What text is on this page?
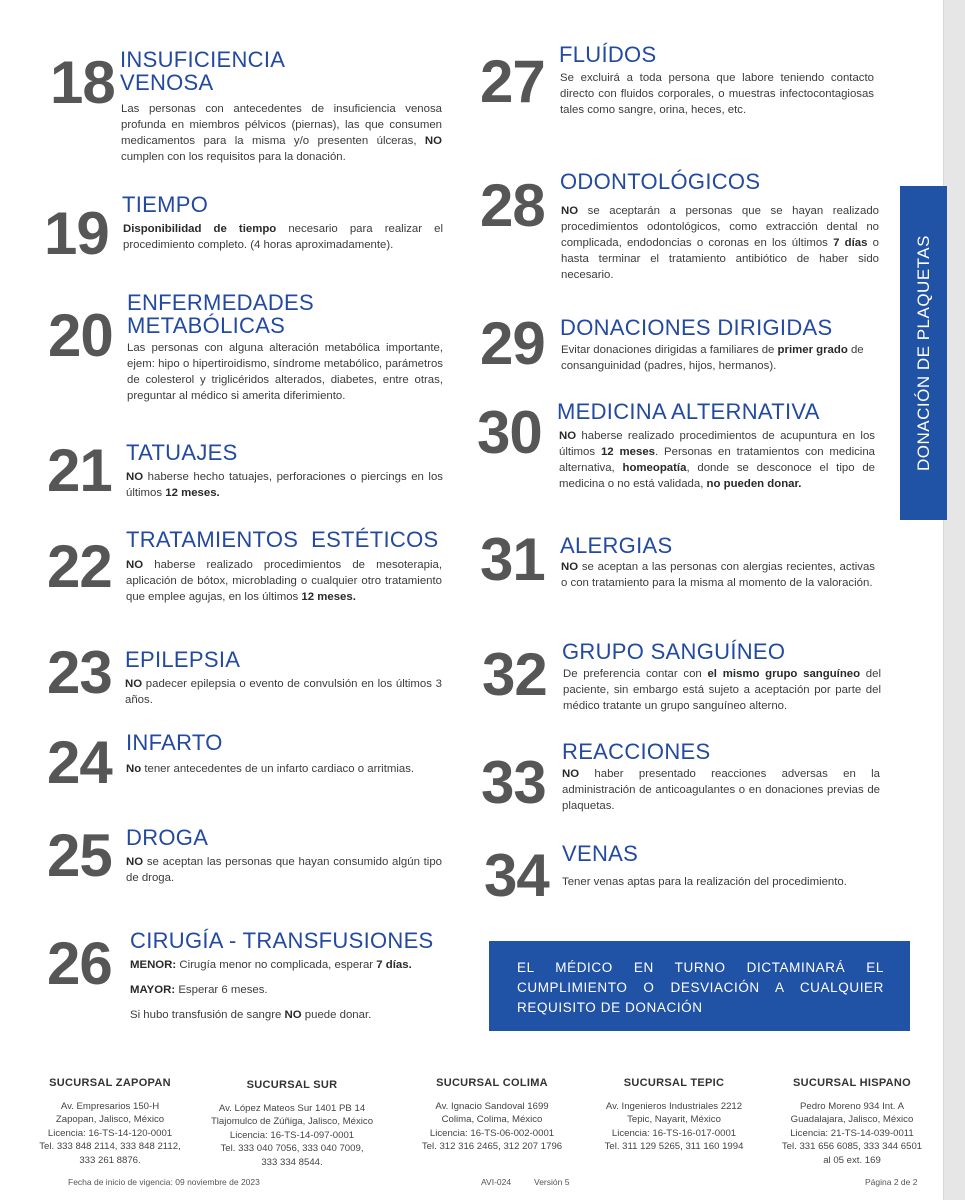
18 INSUFICIENCIA
VENOSA
Las personas con antecedentes de insuficiencia venosa profunda en miembros pélvicos (piernas), las que consumen medicamentos para la misma y/o presenten úlceras, NO cumplen con los requisitos para la donación.
19 TIEMPO
Disponibilidad de tiempo necesario para realizar el procedimiento completo. (4 horas aproximadamente).
20 ENFERMEDADES
METABÓLICAS
Las personas con alguna alteración metabólica importante, ejem: hipo o hipertiroidismo, síndrome metabólico, parámetros de colesterol y triglicéridos alterados, diabetes, entre otras, preguntar al médico si amerita diferimiento.
21 TATUAJES
NO haberse hecho tatuajes, perforaciones o piercings en los últimos 12 meses.
22 TRATAMIENTOS  ESTÉTICOS
NO haberse realizado procedimientos de mesoterapia, aplicación de bótox, microblading o cualquier otro tratamiento que emplee agujas, en los últimos 12 meses.
23 EPILEPSIA
NO padecer epilepsia o evento de convulsión en los últimos 3 años.
24 INFARTO
No tener antecedentes de un infarto cardiaco o arritmias.
25 DROGA
NO se aceptan las personas que hayan consumido algún tipo de droga.
26 CIRUGÍA - TRANSFUSIONES
MENOR: Cirugía menor no complicada, esperar 7 días.

MAYOR: Esperar 6 meses.

Si hubo transfusión de sangre NO puede donar.
27 FLUÍDOS
Se excluirá a toda persona que labore teniendo contacto directo con fluidos corporales, o muestras infectocontagiosas tales como sangre, orina, heces, etc.
28 ODONTOLÓGICOS
NO se aceptarán a personas que se hayan realizado procedimientos odontológicos, como extracción dental no complicada, endodoncias o coronas en los últimos 7 días o hasta terminar el tratamiento antibiótico de haber sido necesario.
29 DONACIONES DIRIGIDAS
Evitar donaciones dirigidas a familiares de primer grado de consanguinidad (padres, hijos, hermanos).
30 MEDICINA ALTERNATIVA
NO haberse realizado procedimientos de acupuntura en los últimos 12 meses. Personas en tratamientos con medicina alternativa, homeopatía, donde se desconoce el tipo de medicina o no está validada, no pueden donar.
31 ALERGIAS
NO se aceptan a las personas con alergias recientes, activas o con tratamiento para la misma al momento de la valoración.
32 GRUPO SANGUÍNEO
De preferencia contar con el mismo grupo sanguíneo del paciente, sin embargo está sujeto a aceptación por parte del médico tratante un grupo sanguíneo alterno.
33 REACCIONES
NO haber presentado reacciones adversas en la administración de anticoagulantes o en donaciones previas de plaquetas.
34 VENAS
Tener venas aptas para la realización del procedimiento.
DONACIÓN DE PLAQUETAS
EL MÉDICO EN TURNO DICTAMINARÁ EL CUMPLIMIENTO O DESVIACIÓN A CUALQUIER REQUISITO DE DONACIÓN
SUCURSAL ZAPOPAN
Av. Empresarios 150-H
Zapopan, Jalisco, México
Licencia: 16-TS-14-120-0001
Tel. 333 848 2114, 333 848 2112,
333 261 8876.
SUCURSAL SUR
Av. López Mateos Sur 1401 PB 14
Tlajomulco de Zúñiga, Jalisco, México
Licencia: 16-TS-14-097-0001
Tel. 333 040 7056, 333 040 7009,
333 334 8544.
SUCURSAL COLIMA
Av. Ignacio Sandoval 1699
Colima, Colima, México
Licencia: 16-TS-06-002-0001
Tel. 312 316 2465, 312 207 1796
SUCURSAL TEPIC
Av. Ingenieros Industriales 2212
Tepic, Nayarit, México
Licencia: 16-TS-16-017-0001
Tel. 311 129 5265, 311 160 1994
SUCURSAL HISPANO
Pedro Moreno 934 Int. A
Guadalajara, Jalisco, México
Licencia: 21-TS-14-039-0011
Tel. 331 656 6085, 333 344 6501
al 05 ext. 169
Fecha de inicio de vigencia: 09 noviembre de 2023	AVI-024	Versión 5	Página 2 de 2
